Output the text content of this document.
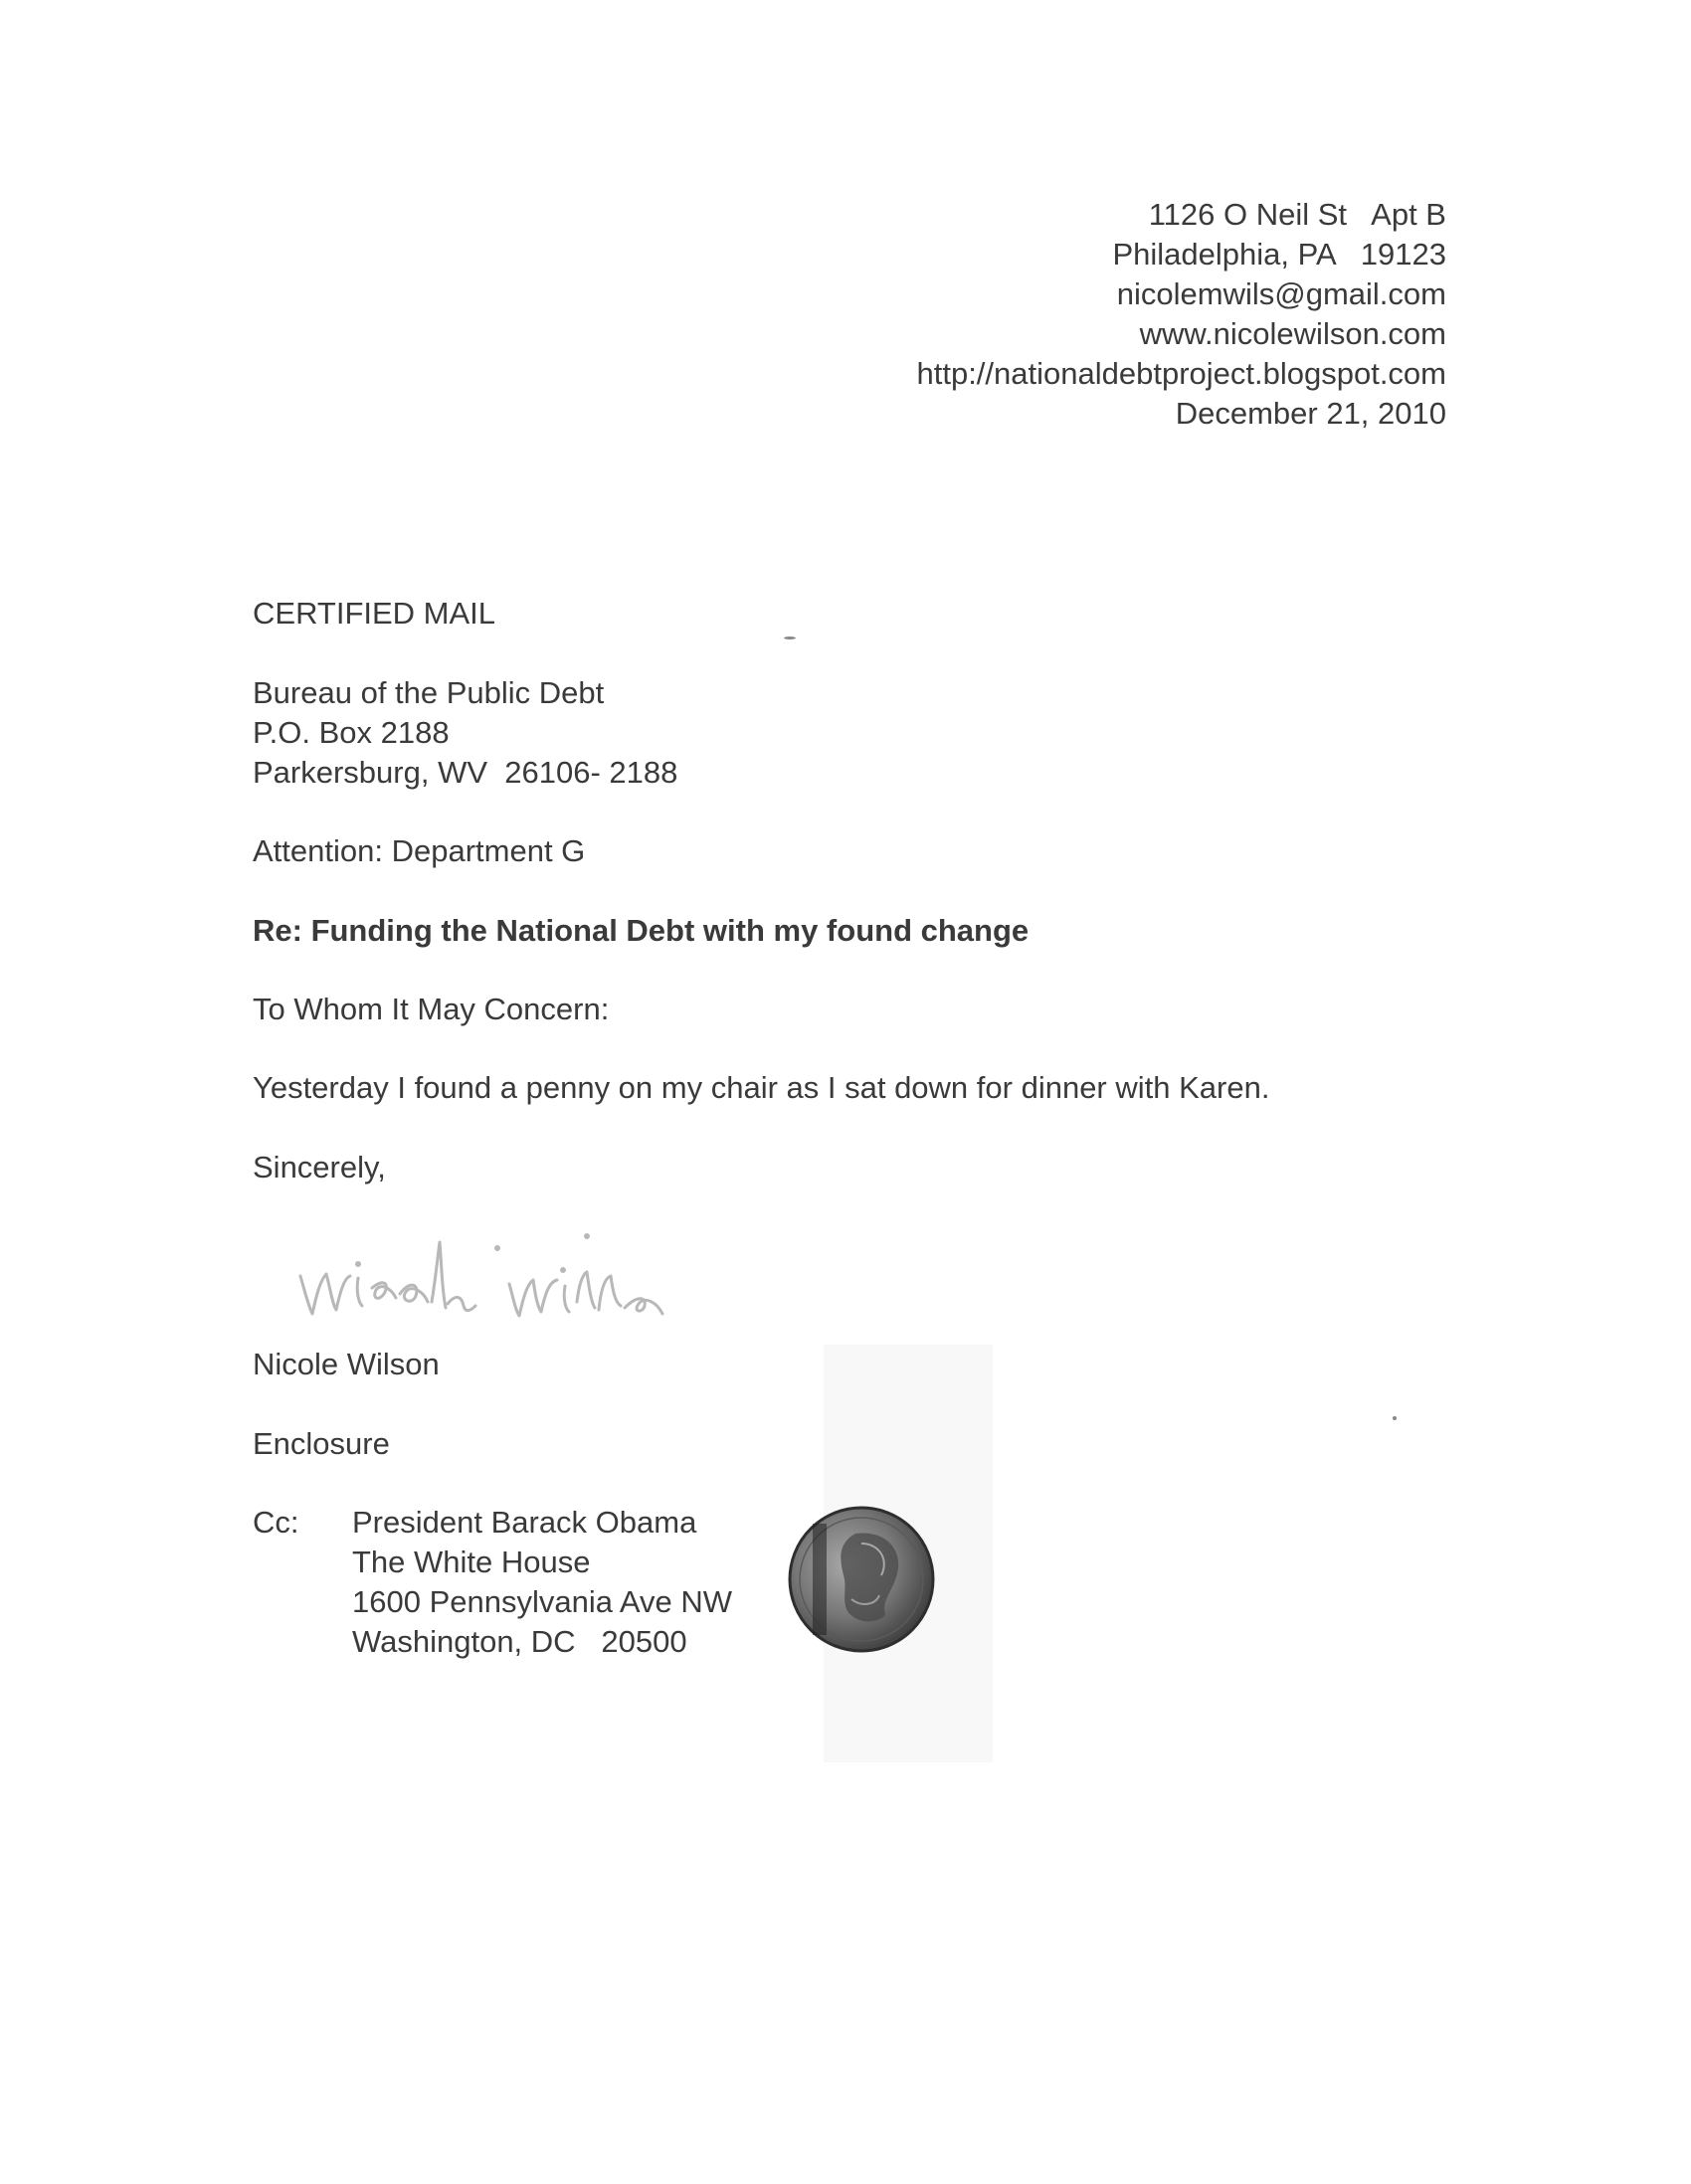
1126 O Neil St   Apt B
Philadelphia, PA   19123
nicolemwils@gmail.com
www.nicolewilson.com
http://nationaldebtproject.blogspot.com
December 21, 2010
CERTIFIED MAIL
Bureau of the Public Debt
P.O. Box 2188
Parkersburg, WV  26106- 2188
Attention: Department G
Re: Funding the National Debt with my found change
To Whom It May Concern:
Yesterday I found a penny on my chair as I sat down for dinner with Karen.
Sincerely,
Nicole Wilson
Enclosure
Cc: President Barack Obama
The White House
1600 Pennsylvania Ave NW
Washington, DC   20500
